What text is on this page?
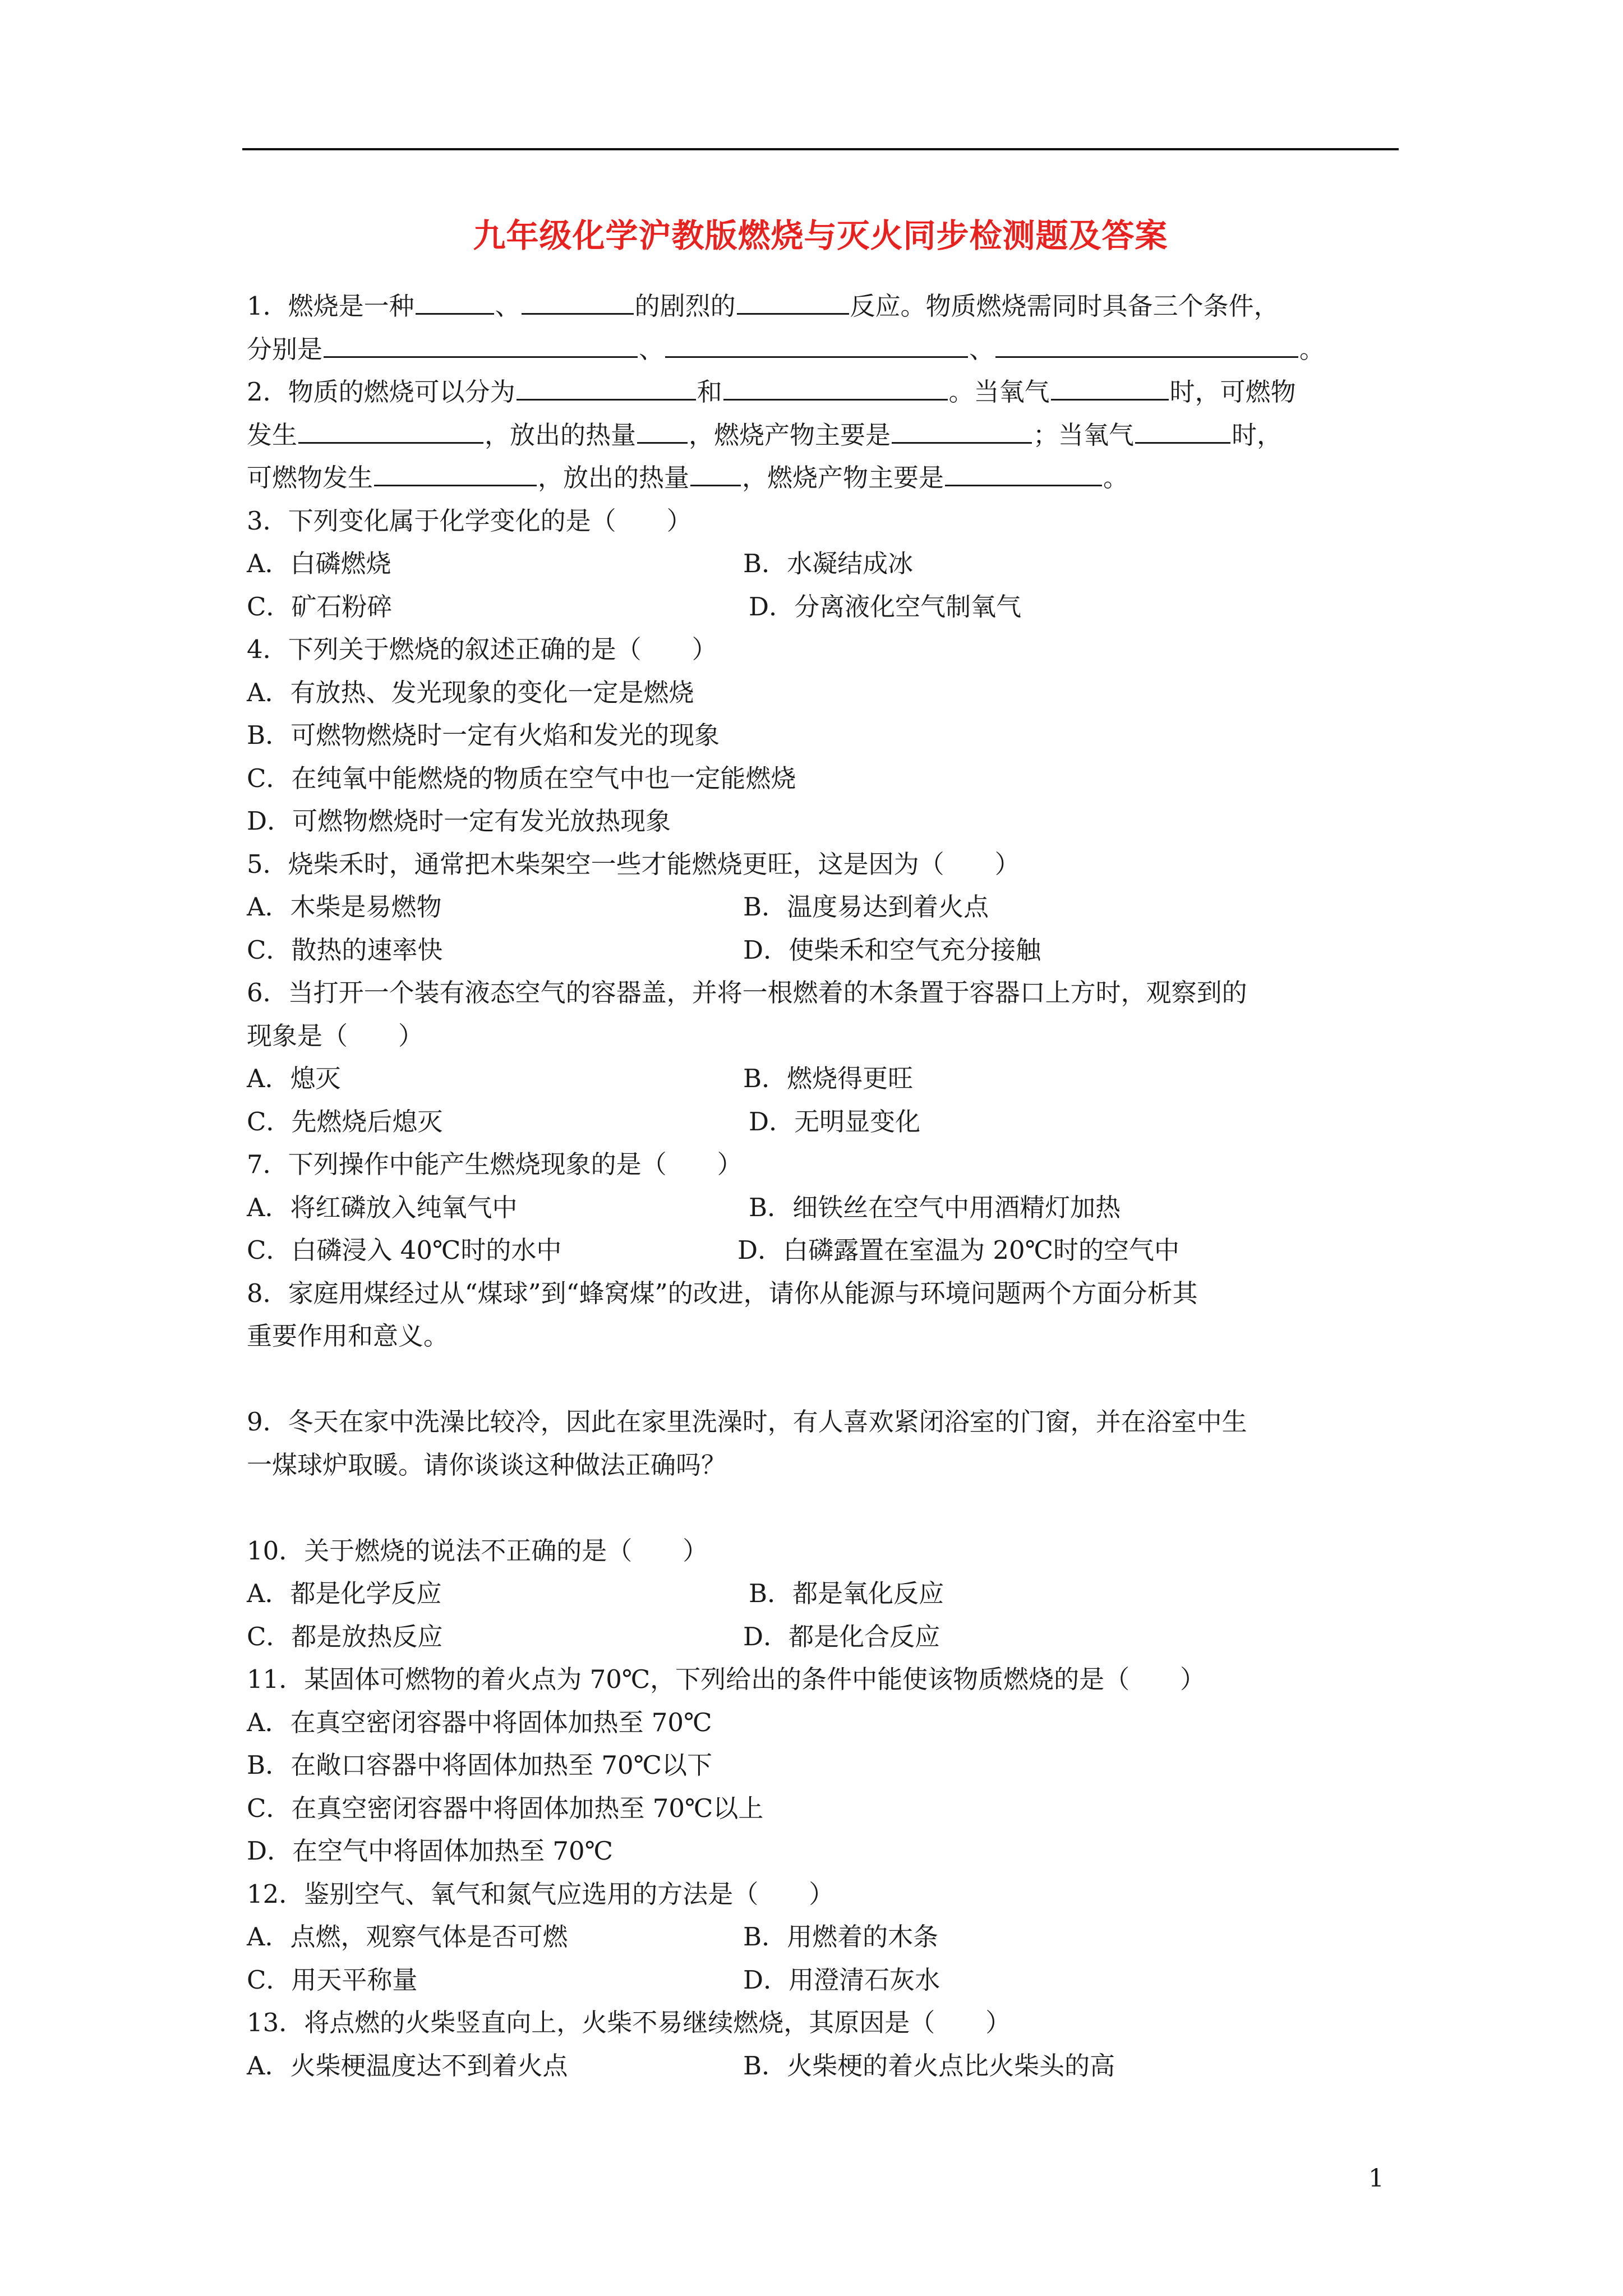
九年级化学沪教版燃烧与灭火同步检测题及答案
1．燃烧是一种	、	的剧烈的	反应。物质燃烧需同时具备三个条件，
分别是	、	、	。
2．物质的燃烧可以分为	和	。当氧气	时，可燃物
发生	，放出的热量 ，燃烧产物主要是	；当氧气	时，
可燃物发生	，放出的热量 ，燃烧产物主要是	。
3．下列变化属于化学变化的是（　　）
A．白磷燃烧	B．水凝结成冰
C．矿石粉碎	D．分离液化空气制氧气
4．下列关于燃烧的叙述正确的是（　　）
A．有放热、发光现象的变化一定是燃烧
B．可燃物燃烧时一定有火焰和发光的现象
C．在纯氧中能燃烧的物质在空气中也一定能燃烧
D．可燃物燃烧时一定有发光放热现象
5．烧柴禾时，通常把木柴架空一些才能燃烧更旺，这是因为（　　）
A．木柴是易燃物	B．温度易达到着火点
C．散热的速率快	D．使柴禾和空气充分接触
6．当打开一个装有液态空气的容器盖，并将一根燃着的木条置于容器口上方时，观察到的
现象是（　　）
A．熄灭	B．燃烧得更旺
C．先燃烧后熄灭	D．无明显变化
7．下列操作中能产生燃烧现象的是（　　）
A．将红磷放入纯氧气中	B．细铁丝在空气中用酒精灯加热
C．白磷浸入 40℃时的水中	D．白磷露置在室温为 20℃时的空气中
8．家庭用煤经过从“煤球”到“蜂窝煤”的改进，请你从能源与环境问题两个方面分析其
重要作用和意义。
9．冬天在家中洗澡比较冷，因此在家里洗澡时，有人喜欢紧闭浴室的门窗，并在浴室中生
一煤球炉取暖。请你谈谈这种做法正确吗？
10．关于燃烧的说法不正确的是（　　）
A．都是化学反应	B．都是氧化反应
C．都是放热反应	D．都是化合反应
11．某固体可燃物的着火点为 70℃，下列给出的条件中能使该物质燃烧的是（　　）
A．在真空密闭容器中将固体加热至 70℃
B．在敞口容器中将固体加热至 70℃以下
C．在真空密闭容器中将固体加热至 70℃以上
D．在空气中将固体加热至 70℃
12．鉴别空气、氧气和氮气应选用的方法是（　　）
A．点燃，观察气体是否可燃	B．用燃着的木条
C．用天平称量	D．用澄清石灰水
13．将点燃的火柴竖直向上，火柴不易继续燃烧，其原因是（　　）
A．火柴梗温度达不到着火点	B．火柴梗的着火点比火柴头的高
1
